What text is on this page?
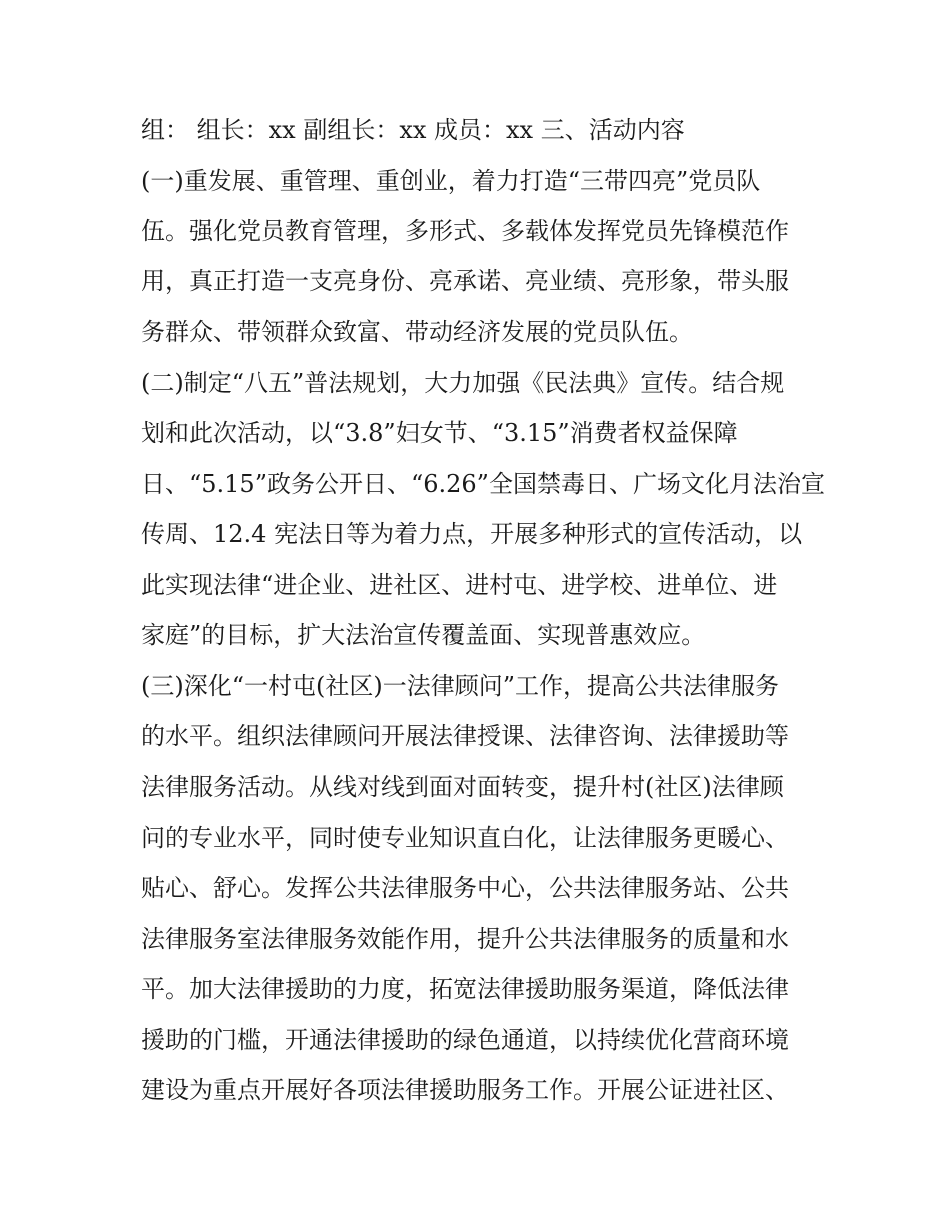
组： 组长：xx 副组长：xx 成员：xx 三、活动内容

(一)重发展、重管理、重创业，着力打造“三带四亮”党员队

伍。强化党员教育管理，多形式、多载体发挥党员先锋模范作

用，真正打造一支亮身份、亮承诺、亮业绩、亮形象，带头服

务群众、带领群众致富、带动经济发展的党员队伍。

(二)制定“八五”普法规划，大力加强《民法典》宣传。结合规

划和此次活动，以“3.8”妇女节、“3.15”消费者权益保障

日、“5.15”政务公开日、“6.26”全国禁毒日、广场文化月法治宣

传周、12.4 宪法日等为着力点，开展多种形式的宣传活动，以

此实现法律“进企业、进社区、进村屯、进学校、进单位、进

家庭”的目标，扩大法治宣传覆盖面、实现普惠效应。

(三)深化“一村屯(社区)一法律顾问”工作，提高公共法律服务

的水平。组织法律顾问开展法律授课、法律咨询、法律援助等

法律服务活动。从线对线到面对面转变，提升村(社区)法律顾

问的专业水平，同时使专业知识直白化，让法律服务更暖心、

贴心、舒心。发挥公共法律服务中心，公共法律服务站、公共

法律服务室法律服务效能作用，提升公共法律服务的质量和水

平。加大法律援助的力度，拓宽法律援助服务渠道，降低法律

援助的门槛，开通法律援助的绿色通道，以持续优化营商环境

建设为重点开展好各项法律援助服务工作。开展公证进社区、
